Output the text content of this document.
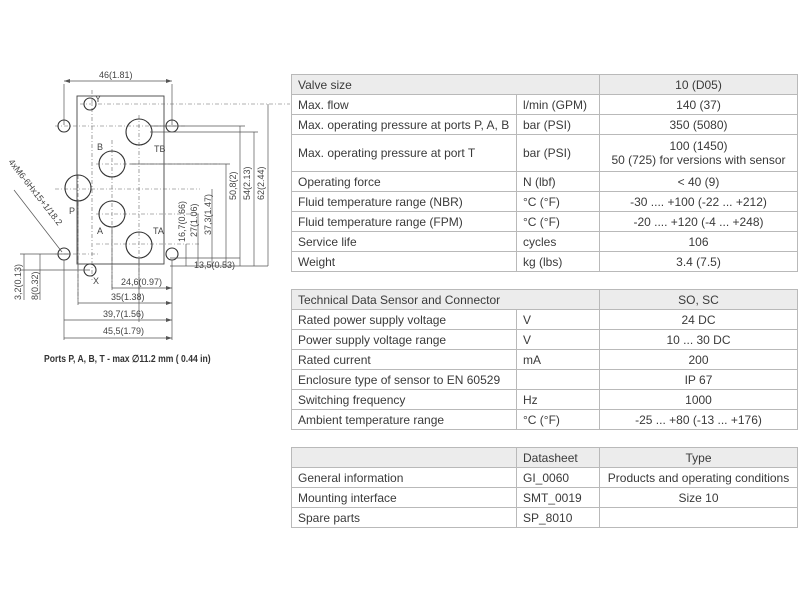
46(1.81)
Y
B	TB
P
A	TA
X
4xM6-6Hx15+1/18.2	16,7(0.66) 27(1.06) 37,3(1.47)
50,8(2) 54(2.13) 62(2.44)
13,5(0.53)
3,2(0.13) 8(0.32)	24,6(0.97)
35(1.38)
39,7(1.56)
45,5(1.79)
Ports P, A, B, T - max ∅11.2 mm ( 0.44 in)
Valve size		10 (D05)
Max. flow	l/min (GPM)	140 (37)
Max. operating pressure at ports P, A, B	bar (PSI)	350 (5080)
Max. operating pressure at port T	bar (PSI)	100 (1450)
50 (725) for versions with sensor

Operating force	N (lbf)	< 40 (9)
Fluid temperature range (NBR)	°C (°F)	-30 .... +100 (-22 ... +212)
Fluid temperature range (FPM)	°C (°F)	-20 .... +120 (-4 ... +248)
Service life	cycles	106
Weight	kg (lbs)	3.4 (7.5)
Technical Data Sensor and Connector		SO, SC
Rated power supply voltage	V	24 DC
Power supply voltage range	V	10 ... 30 DC
Rated current	mA	200
Enclosure type of sensor to EN 60529		IP 67
Switching frequency	Hz	1000
Ambient temperature range	°C (°F)	-25 ... +80 (-13 ... +176)
	Datasheet	Type
General information	GI_0060	Products and operating conditions
Mounting interface	SMT_0019	Size 10
Spare parts	SP_8010	
